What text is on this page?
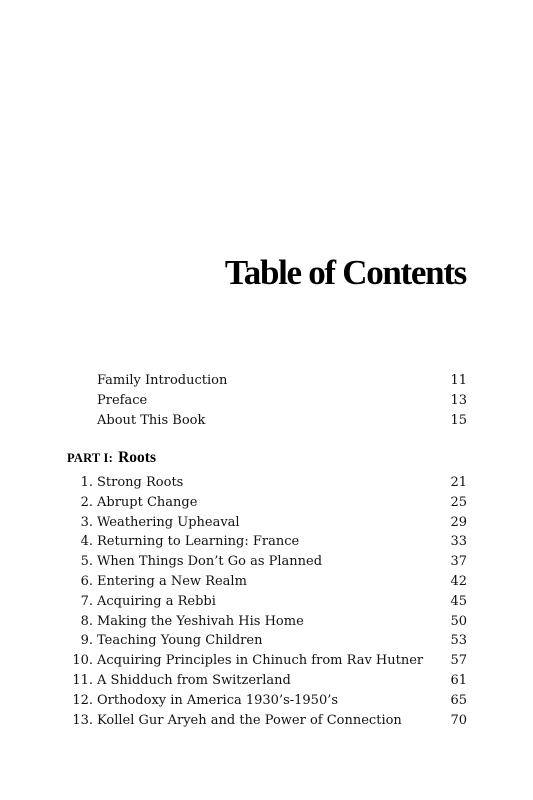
Table of Contents
Family Introduction	11
Preface	13
About This Book	15
PART I: Roots
1. Strong Roots	21
2. Abrupt Change	25
3. Weathering Upheaval	29
4. Returning to Learning: France	33
5. When Things Don’t Go as Planned	37
6. Entering a New Realm	42
7. Acquiring a Rebbi	45
8. Making the Yeshivah His Home	50
9. Teaching Young Children	53
10. Acquiring Principles in Chinuch from Rav Hutner 57
11. A Shidduch from Switzerland	61
12. Orthodoxy in America 1930’s-1950’s	65
13. Kollel Gur Aryeh and the Power of Connection	70
